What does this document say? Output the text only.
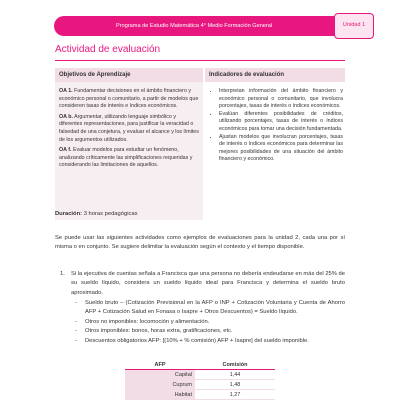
Programa de Estudio Matemática 4° Medio Formación General	Unidad 1
Actividad de evaluación
Objetivos de Aprendizaje	Indicadores de evaluación
OA 1. Fundamentar decisiones en el ámbito financiero y económico personal o comunitario, a partir de modelos que consideren tasas de interés e índices económicos.
OA b. Argumentar, utilizando lenguaje simbólico y diferentes representaciones, para justificar la veracidad o falsedad de una conjetura, y evaluar el alcance y los límites de los argumentos utilizados.
OA f. Evaluar modelos para estudiar un fenómeno, analizando críticamente las simplificaciones requeridas y considerando las limitaciones de aquellos.
• Interpretan información del ámbito financiero y económico personal o comunitario, que involucra porcentajes, tasas de interés o índices económicos.
• Evalúan diferentes posibilidades de créditos, utilizando porcentajes, tasas de interés o índices económicos para tomar una decisión fundamentada.
• Ajustan modelos que involucran porcentajes, tasas de interés o índices económicos para determinar las mejores posibilidades de una situación del ámbito financiero y económico.
Duración: 3 horas pedagógicas
Se puede usar las siguientes actividades como ejemplos de evaluaciones para la unidad 2, cada una por sí misma o en conjunto. Se sugiere delimitar la evaluación según el contexto y el tiempo disponible.
1. Si la ejecutiva de cuentas señala a Francisca que una persona no debería endeudarse en más del 25% de su sueldo líquido, considera un sueldo líquido ideal para Francisca y determina el sueldo bruto aproximado.
- Sueldo bruto – (Cotización Previsional en la AFP o INP + Cotización Voluntaria y Cuenta de Ahorro AFP + Cotización Salud en Fonasa o Isapre + Otros Descuentos) = Sueldo líquido.
- Otros no imponibles: locomoción y alimentación.
- Otros imponibles: bonos, horas extra, gratificaciones, etc.
- Descuentos obligatorios AFP: [(10% + % comisión) AFP + Isapre] del sueldo imponible.
AFP	Comisión
Capital	1,44
Cuprum	1,48
Habitat	1,27
